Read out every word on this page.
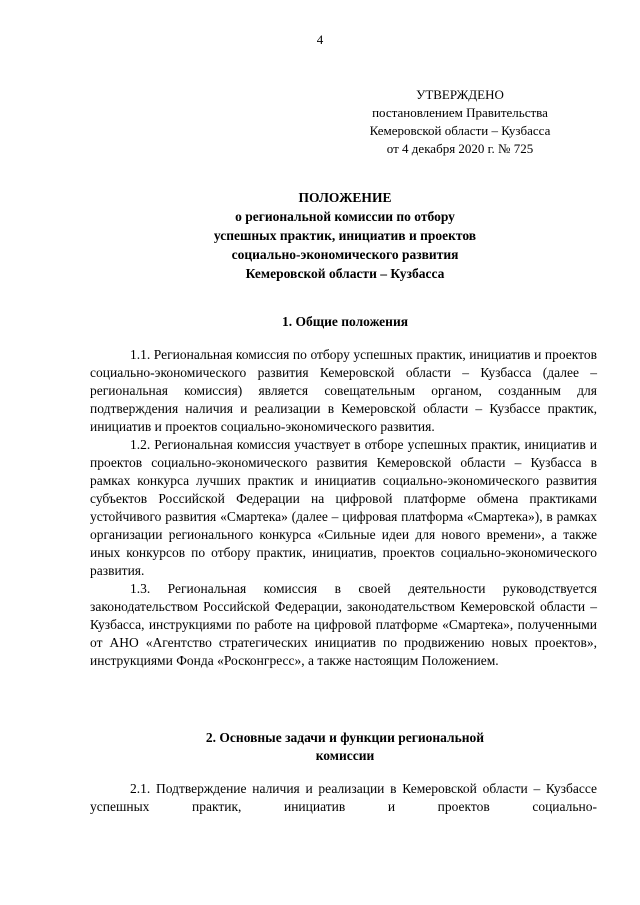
4
УТВЕРЖДЕНО
постановлением Правительства
Кемеровской области – Кузбасса
от 4 декабря 2020 г. № 725
ПОЛОЖЕНИЕ
о региональной комиссии по отбору
успешных практик, инициатив и проектов
социально-экономического развития
Кемеровской области – Кузбасса
1. Общие положения

1.1. Региональная комиссия по отбору успешных практик, инициатив и проектов социально-экономического развития Кемеровской области – Кузбасса (далее – региональная комиссия) является совещательным органом, созданным для подтверждения наличия и реализации в Кемеровской области – Кузбассе практик, инициатив и проектов социально-экономического развития.

1.2. Региональная комиссия участвует в отборе успешных практик, инициатив и проектов социально-экономического развития Кемеровской области – Кузбасса в рамках конкурса лучших практик и инициатив социально-экономического развития субъектов Российской Федерации на цифровой платформе обмена практиками устойчивого развития «Смартека» (далее – цифровая платформа «Смартека»), в рамках организации регионального конкурса «Сильные идеи для нового времени», а также иных конкурсов по отбору практик, инициатив, проектов социально-экономического развития.

1.3. Региональная комиссия в своей деятельности руководствуется законодательством Российской Федерации, законодательством Кемеровской области – Кузбасса, инструкциями по работе на цифровой платформе «Смартека», полученными от АНО «Агентство стратегических инициатив по продвижению новых проектов», инструкциями Фонда «Росконгресс», а также настоящим Положением.

2. Основные задачи и функции региональной
комиссии

2.1. Подтверждение наличия и реализации в Кемеровской области – Кузбассе успешных практик, инициатив и проектов социально-
